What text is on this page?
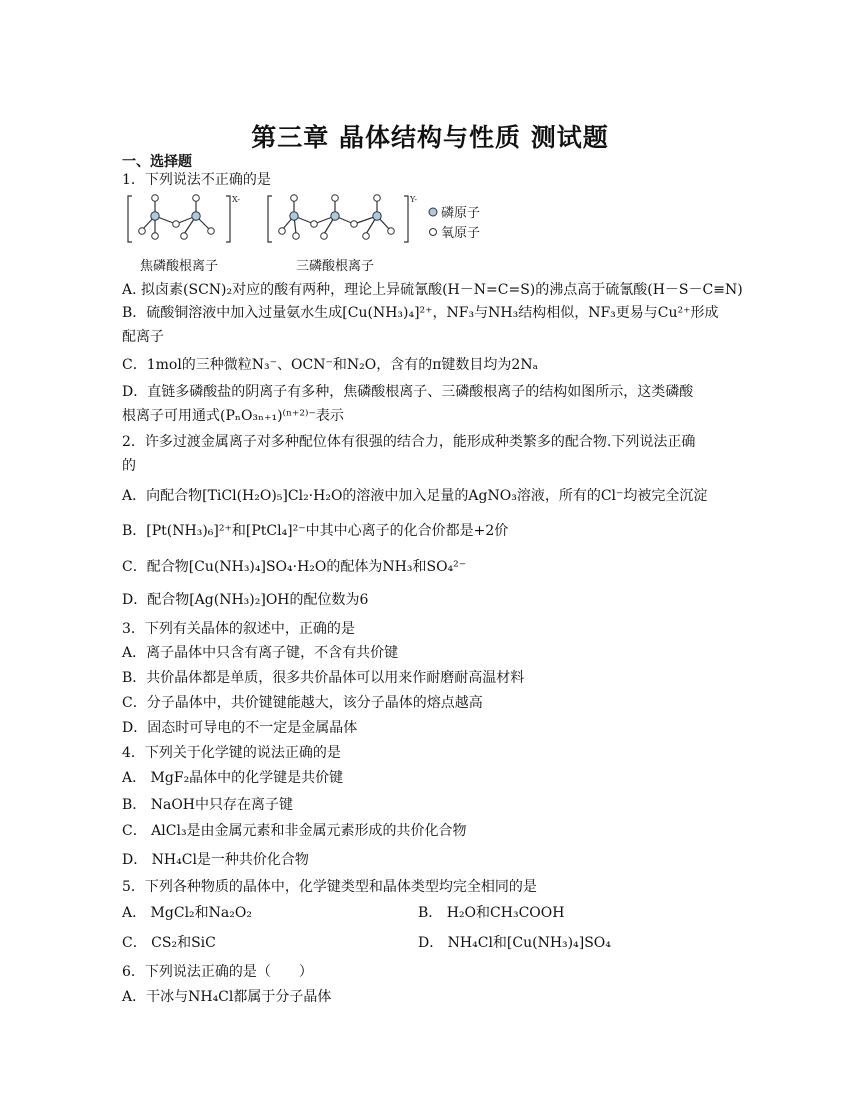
第三章 晶体结构与性质 测试题
一、选择题
1．下列说法不正确的是
X-	Y-
磷原子
氧原子
焦磷酸根离子	三磷酸根离子
A. 拟卤素(SCN)₂对应的酸有两种，理论上异硫氰酸(H－N=C=S)的沸点高于硫氰酸(H－S－C≡N)
B．硫酸铜溶液中加入过量氨水生成[Cu(NH₃)₄]²⁺，NF₃与NH₃结构相似，NF₃更易与Cu²⁺形成
配离子
C．1mol的三种微粒N₃⁻、OCN⁻和N₂O，含有的π键数目均为2Nₐ
D．直链多磷酸盐的阴离子有多种，焦磷酸根离子、三磷酸根离子的结构如图所示，这类磷酸
根离子可用通式(PₙO₃ₙ₊₁)⁽ⁿ⁺²⁾⁻表示
2．许多过渡金属离子对多种配位体有很强的结合力，能形成种类繁多的配合物.下列说法正确
的
A．向配合物[TiCl(H₂O)₅]Cl₂·H₂O的溶液中加入足量的AgNO₃溶液，所有的Cl⁻均被完全沉淀
B．[Pt(NH₃)₆]²⁺和[PtCl₄]²⁻中其中心离子的化合价都是+2价
C．配合物[Cu(NH₃)₄]SO₄·H₂O的配体为NH₃和SO₄²⁻
D．配合物[Ag(NH₃)₂]OH的配位数为6
3．下列有关晶体的叙述中，正确的是
A．离子晶体中只含有离子键，不含有共价键
B．共价晶体都是单质，很多共价晶体可以用来作耐磨耐高温材料
C．分子晶体中，共价键键能越大，该分子晶体的熔点越高
D．固态时可导电的不一定是金属晶体
4．下列关于化学键的说法正确的是
A． MgF₂晶体中的化学键是共价键
B． NaOH中只存在离子键
C． AlCl₃是由金属元素和非金属元素形成的共价化合物
D． NH₄Cl是一种共价化合物
5．下列各种物质的晶体中，化学键类型和晶体类型均完全相同的是
A． MgCl₂和Na₂O₂	B． H₂O和CH₃COOH
C． CS₂和SiC	D． NH₄Cl和[Cu(NH₃)₄]SO₄
6．下列说法正确的是（　　）
A．干冰与NH₄Cl都属于分子晶体
